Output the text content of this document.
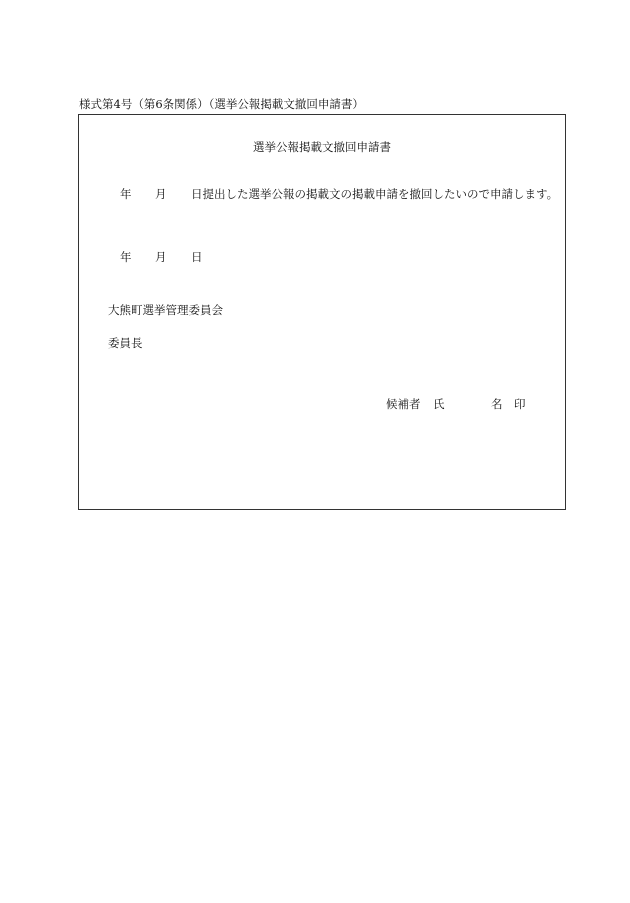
様式第4号（第6条関係）（選挙公報掲載文撤回申請書）
選挙公報掲載文撤回申請書
年 月 日提出した選挙公報の掲載文の掲載申請を撤回したいので申請します。
年 月 日
大熊町選挙管理委員会
委員長
候補者 氏	名 印
